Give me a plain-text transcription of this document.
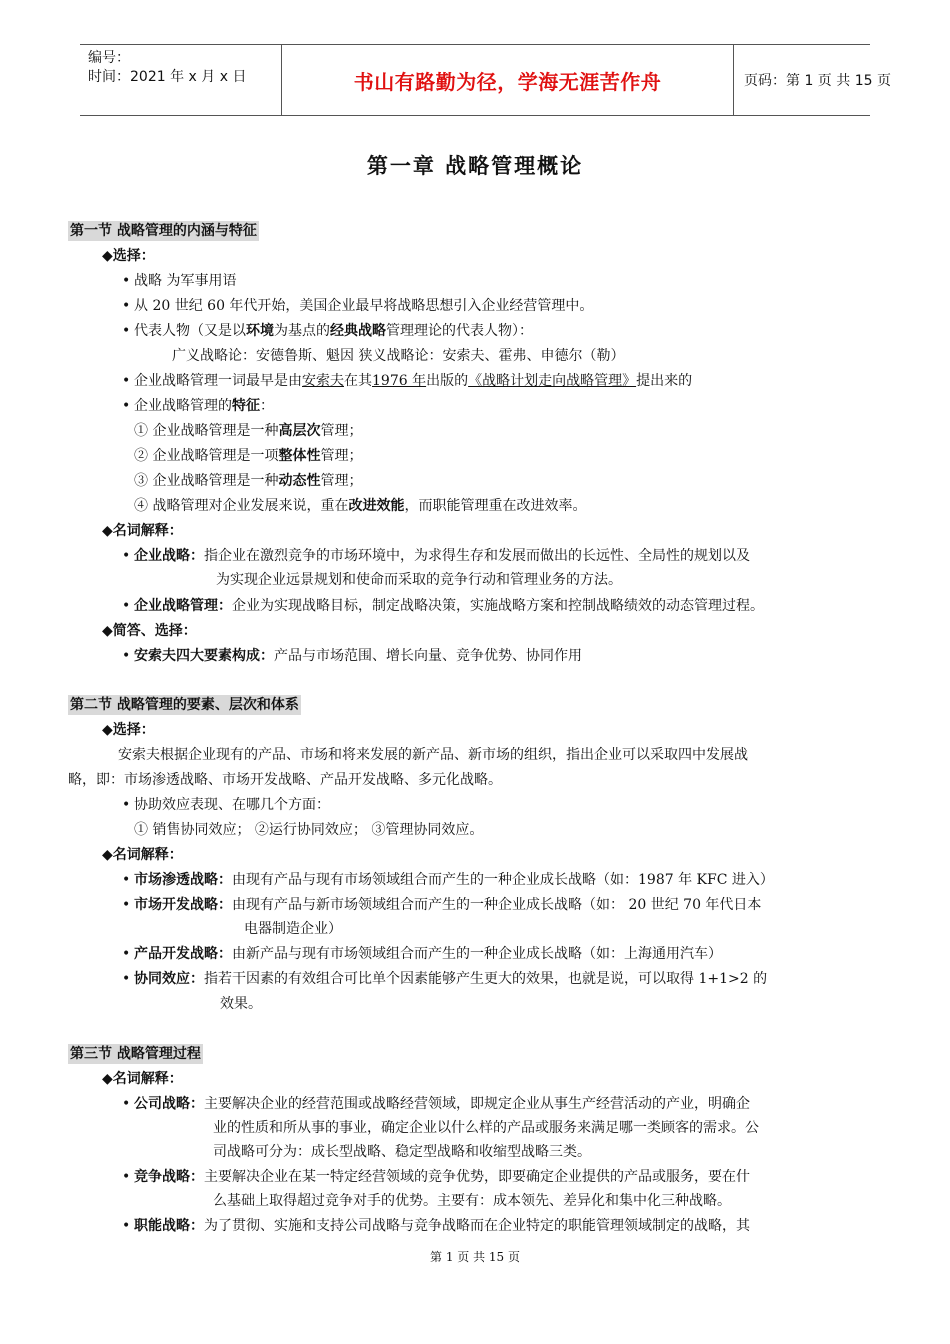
编号：
时间：2021 年 x 月 x 日	书山有路勤为径，学海无涯苦作舟	页码：第 1 页 共 15 页
第一章 战略管理概论
第一节 战略管理的内涵与特征
◆选择：
• 战略 为军事用语
• 从 20 世纪 60 年代开始，美国企业最早将战略思想引入企业经营管理中。
• 代表人物（又是以环境为基点的经典战略管理理论的代表人物）：
广义战略论：安德鲁斯、魁因 狭义战略论：安索夫、霍弗、申德尔（勒）
• 企业战略管理一词最早是由安索夫在其1976 年出版的《战略计划走向战略管理》提出来的
• 企业战略管理的特征：
① 企业战略管理是一种高层次管理；
② 企业战略管理是一项整体性管理；
③ 企业战略管理是一种动态性管理；
④ 战略管理对企业发展来说，重在改进效能，而职能管理重在改进效率。
◆名词解释：
• 企业战略：指企业在激烈竞争的市场环境中，为求得生存和发展而做出的长远性、全局性的规划以及
为实现企业远景规划和使命而采取的竞争行动和管理业务的方法。
• 企业战略管理：企业为实现战略目标，制定战略决策，实施战略方案和控制战略绩效的动态管理过程。
◆简答、选择：
• 安索夫四大要素构成：产品与市场范围、增长向量、竞争优势、协同作用
第二节 战略管理的要素、层次和体系
◆选择：
安索夫根据企业现有的产品、市场和将来发展的新产品、新市场的组织，指出企业可以采取四中发展战
略，即：市场渗透战略、市场开发战略、产品开发战略、多元化战略。
• 协助效应表现、在哪几个方面：
① 销售协同效应； ②运行协同效应； ③管理协同效应。
◆名词解释：
• 市场渗透战略：由现有产品与现有市场领域组合而产生的一种企业成长战略（如：1987 年 KFC 进入）
• 市场开发战略：由现有产品与新市场领域组合而产生的一种企业成长战略（如： 20 世纪 70 年代日本
电器制造企业）
• 产品开发战略：由新产品与现有市场领域组合而产生的一种企业成长战略（如：上海通用汽车）
• 协同效应：指若干因素的有效组合可比单个因素能够产生更大的效果，也就是说，可以取得 1+1>2 的
效果。
第三节 战略管理过程
◆名词解释：
• 公司战略：主要解决企业的经营范围或战略经营领域，即规定企业从事生产经营活动的产业，明确企
业的性质和所从事的事业，确定企业以什么样的产品或服务来满足哪一类顾客的需求。公
司战略可分为：成长型战略、稳定型战略和收缩型战略三类。
• 竞争战略：主要解决企业在某一特定经营领域的竞争优势，即要确定企业提供的产品或服务，要在什
么基础上取得超过竞争对手的优势。主要有：成本领先、差异化和集中化三种战略。
• 职能战略：为了贯彻、实施和支持公司战略与竞争战略而在企业特定的职能管理领域制定的战略，其
第 1 页 共 15 页
